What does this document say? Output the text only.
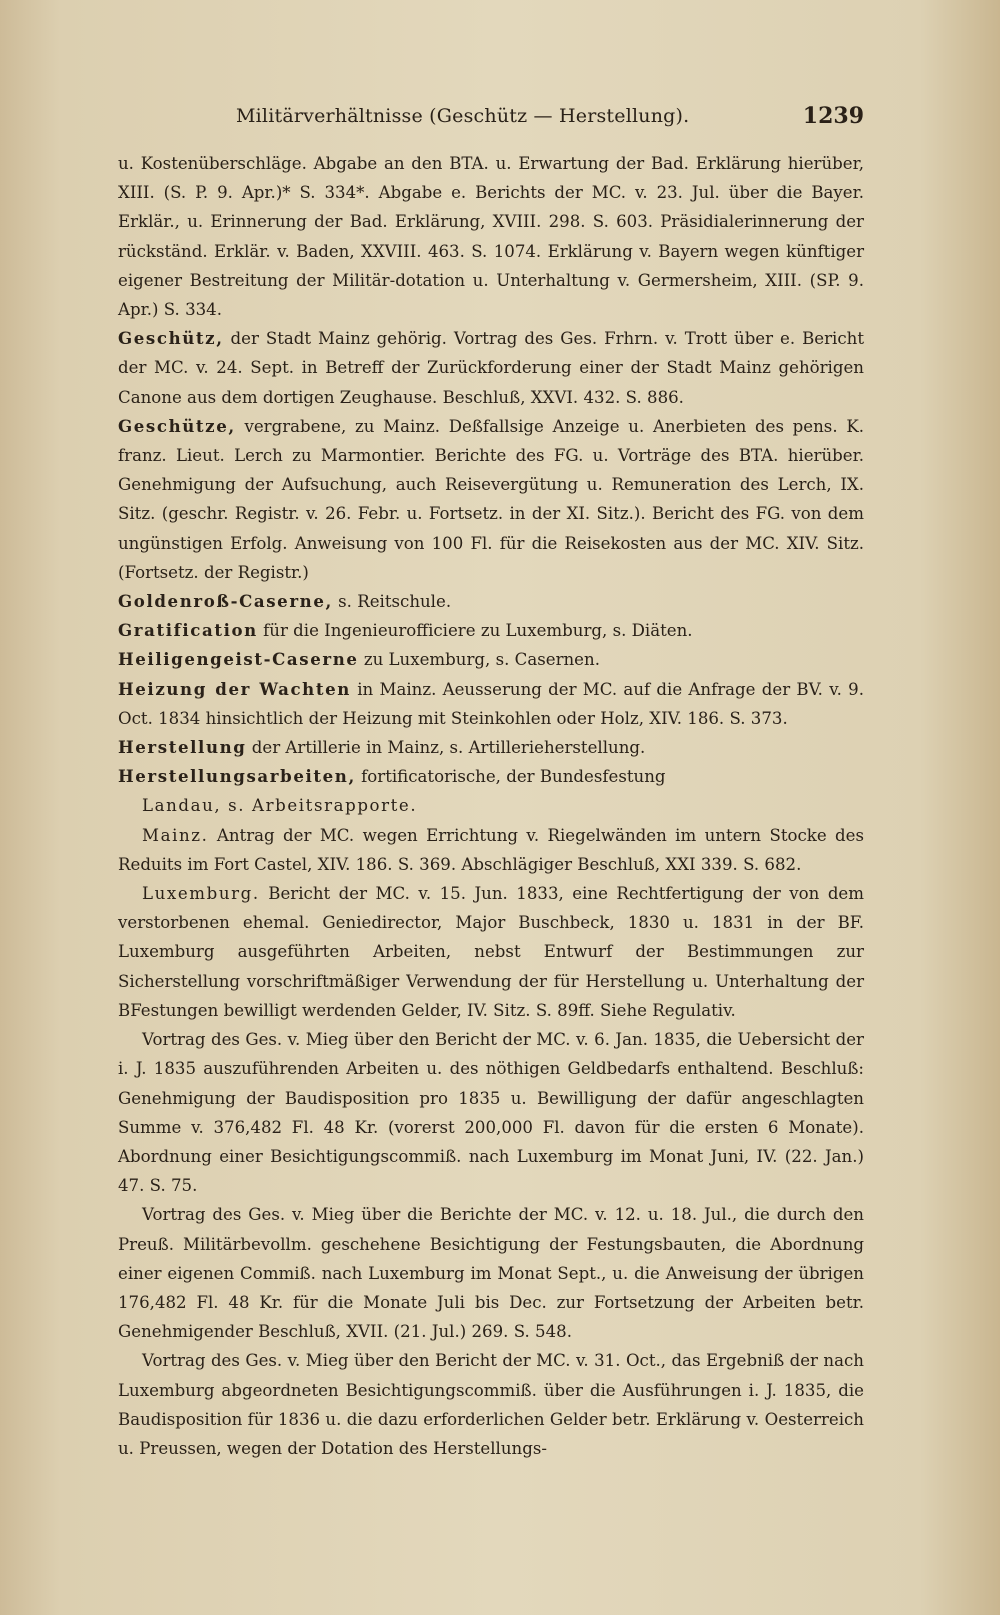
Militärverhältnisse (Geschütz — Herstellung).	1239

u. Kostenüberschläge. Abgabe an den BTA. u. Erwartung der Bad. Erklärung hierüber, XIII. (S. P. 9. Apr.)* S. 334*. Abgabe e. Berichts der MC. v. 23. Jul. über die Bayer. Erklär., u. Erinnerung der Bad. Erklärung, XVIII. 298. S. 603. Präsidialerinnerung der rückständ. Erklär. v. Baden, XXVIII. 463. S. 1074. Erklärung v. Bayern wegen künftiger eigener Bestreitung der Militär-dotation u. Unterhaltung v. Germersheim, XIII. (SP. 9. Apr.) S. 334.

Geschütz, der Stadt Mainz gehörig. Vortrag des Ges. Frhrn. v. Trott über e. Bericht der MC. v. 24. Sept. in Betreff der Zurückforderung einer der Stadt Mainz gehörigen Canone aus dem dortigen Zeughause. Beschluß, XXVI. 432. S. 886.

Geschütze, vergrabene, zu Mainz. Deßfallsige Anzeige u. Anerbieten des pens. K. franz. Lieut. Lerch zu Marmontier. Berichte des FG. u. Vorträge des BTA. hierüber. Genehmigung der Aufsuchung, auch Reisevergütung u. Remuneration des Lerch, IX. Sitz. (geschr. Registr. v. 26. Febr. u. Fortsetz. in der XI. Sitz.). Bericht des FG. von dem ungünstigen Erfolg. Anweisung von 100 Fl. für die Reisekosten aus der MC. XIV. Sitz. (Fortsetz. der Registr.)

Goldenroß-Caserne, s. Reitschule.

Gratification für die Ingenieurofficiere zu Luxemburg, s. Diäten.

Heiligengeist-Caserne zu Luxemburg, s. Casernen.

Heizung der Wachten in Mainz. Aeusserung der MC. auf die Anfrage der BV. v. 9. Oct. 1834 hinsichtlich der Heizung mit Steinkohlen oder Holz, XIV. 186. S. 373.

Herstellung der Artillerie in Mainz, s. Artillerieherstellung.

Herstellungsarbeiten, fortificatorische, der Bundesfestung

Landau, s. Arbeitsrapporte.

Mainz. Antrag der MC. wegen Errichtung v. Riegelwänden im untern Stocke des Reduits im Fort Castel, XIV. 186. S. 369. Abschlägiger Beschluß, XXI 339. S. 682.

Luxemburg. Bericht der MC. v. 15. Jun. 1833, eine Rechtfertigung der von dem verstorbenen ehemal. Geniedirector, Major Buschbeck, 1830 u. 1831 in der BF. Luxemburg ausgeführten Arbeiten, nebst Entwurf der Bestimmungen zur Sicherstellung vorschriftmäßiger Verwendung der für Herstellung u. Unterhaltung der BFestungen bewilligt werdenden Gelder, IV. Sitz. S. 89ff. Siehe Regulativ.

Vortrag des Ges. v. Mieg über den Bericht der MC. v. 6. Jan. 1835, die Uebersicht der i. J. 1835 auszuführenden Arbeiten u. des nöthigen Geldbedarfs enthaltend. Beschluß: Genehmigung der Baudisposition pro 1835 u. Bewilligung der dafür angeschlagten Summe v. 376,482 Fl. 48 Kr. (vorerst 200,000 Fl. davon für die ersten 6 Monate). Abordnung einer Besichtigungscommiß. nach Luxemburg im Monat Juni, IV. (22. Jan.) 47. S. 75.

Vortrag des Ges. v. Mieg über die Berichte der MC. v. 12. u. 18. Jul., die durch den Preuß. Militärbevollm. geschehene Besichtigung der Festungsbauten, die Abordnung einer eigenen Commiß. nach Luxemburg im Monat Sept., u. die Anweisung der übrigen 176,482 Fl. 48 Kr. für die Monate Juli bis Dec. zur Fortsetzung der Arbeiten betr. Genehmigender Beschluß, XVII. (21. Jul.) 269. S. 548.

Vortrag des Ges. v. Mieg über den Bericht der MC. v. 31. Oct., das Ergebniß der nach Luxemburg abgeordneten Besichtigungscommiß. über die Ausführungen i. J. 1835, die Baudisposition für 1836 u. die dazu erforderlichen Gelder betr. Erklärung v. Oesterreich u. Preussen, wegen der Dotation des Herstellungs-
